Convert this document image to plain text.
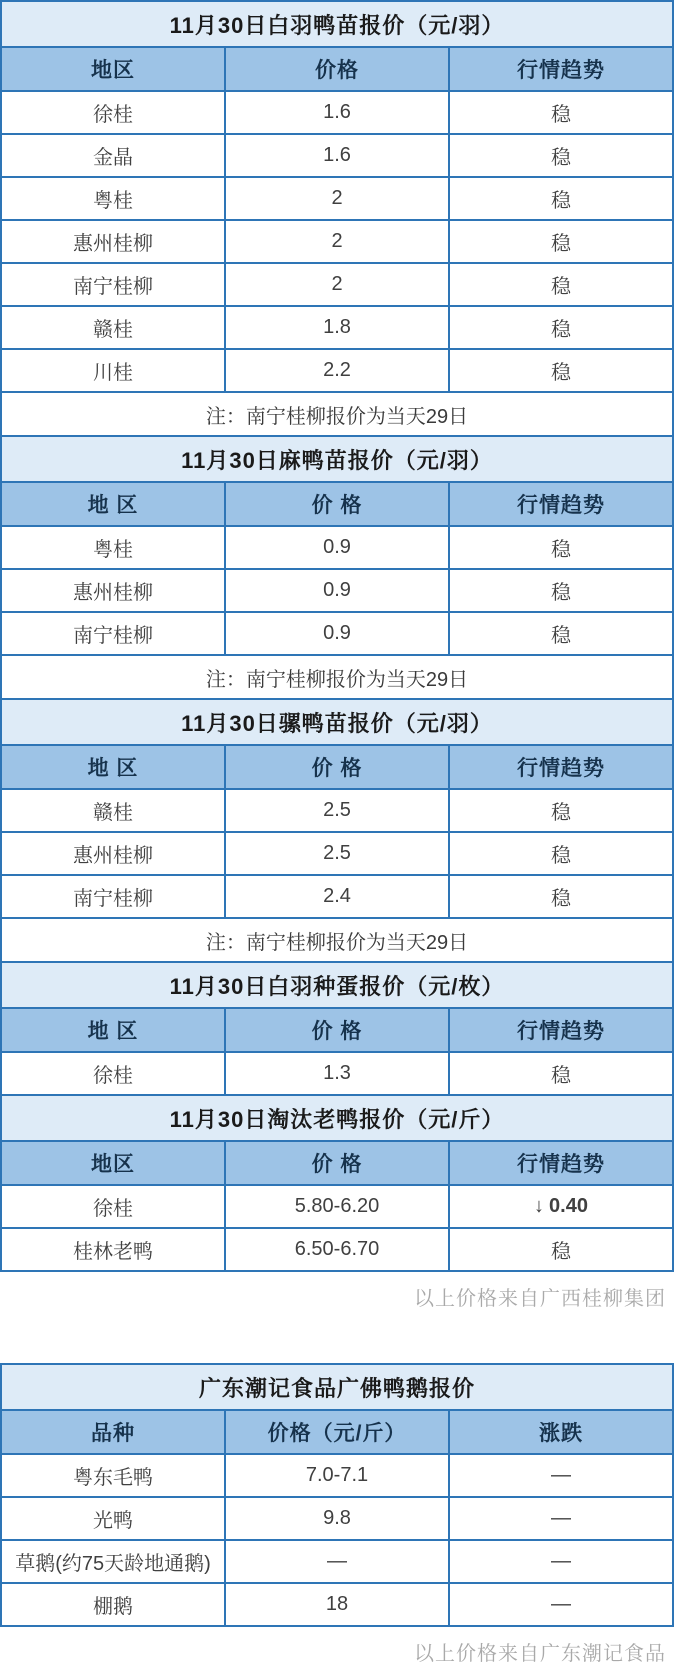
11月30日白羽鸭苗报价（元/羽）		
地区	价格	行情趋势
徐桂	1.6	稳
金晶	1.6	稳
粤桂	2	稳
惠州桂柳	2	稳
南宁桂柳	2	稳
赣桂	1.8	稳
川桂	2.2	稳
注：南宁桂柳报价为当天29日		
11月30日麻鸭苗报价（元/羽）		
地 区	价 格	行情趋势
粤桂	0.9	稳
惠州桂柳	0.9	稳
南宁桂柳	0.9	稳
注：南宁桂柳报价为当天29日		
11月30日骡鸭苗报价（元/羽）		
地 区	价 格	行情趋势
赣桂	2.5	稳
惠州桂柳	2.5	稳
南宁桂柳	2.4	稳
注：南宁桂柳报价为当天29日		
11月30日白羽种蛋报价（元/枚）		
地 区	价 格	行情趋势
徐桂	1.3	稳
11月30日淘汰老鸭报价（元/斤）		
地区	价 格	行情趋势
徐桂	5.80-6.20	↓ 0.40
桂林老鸭	6.50-6.70	稳
以上价格来自广西桂柳集团
广东潮记食品广佛鸭鹅报价		
品种	价格（元/斤）	涨跌
粤东毛鸭	7.0-7.1	—
光鸭	9.8	—
草鹅(约75天龄地通鹅)	—	—
棚鹅	18	—
以上价格来自广东潮记食品
